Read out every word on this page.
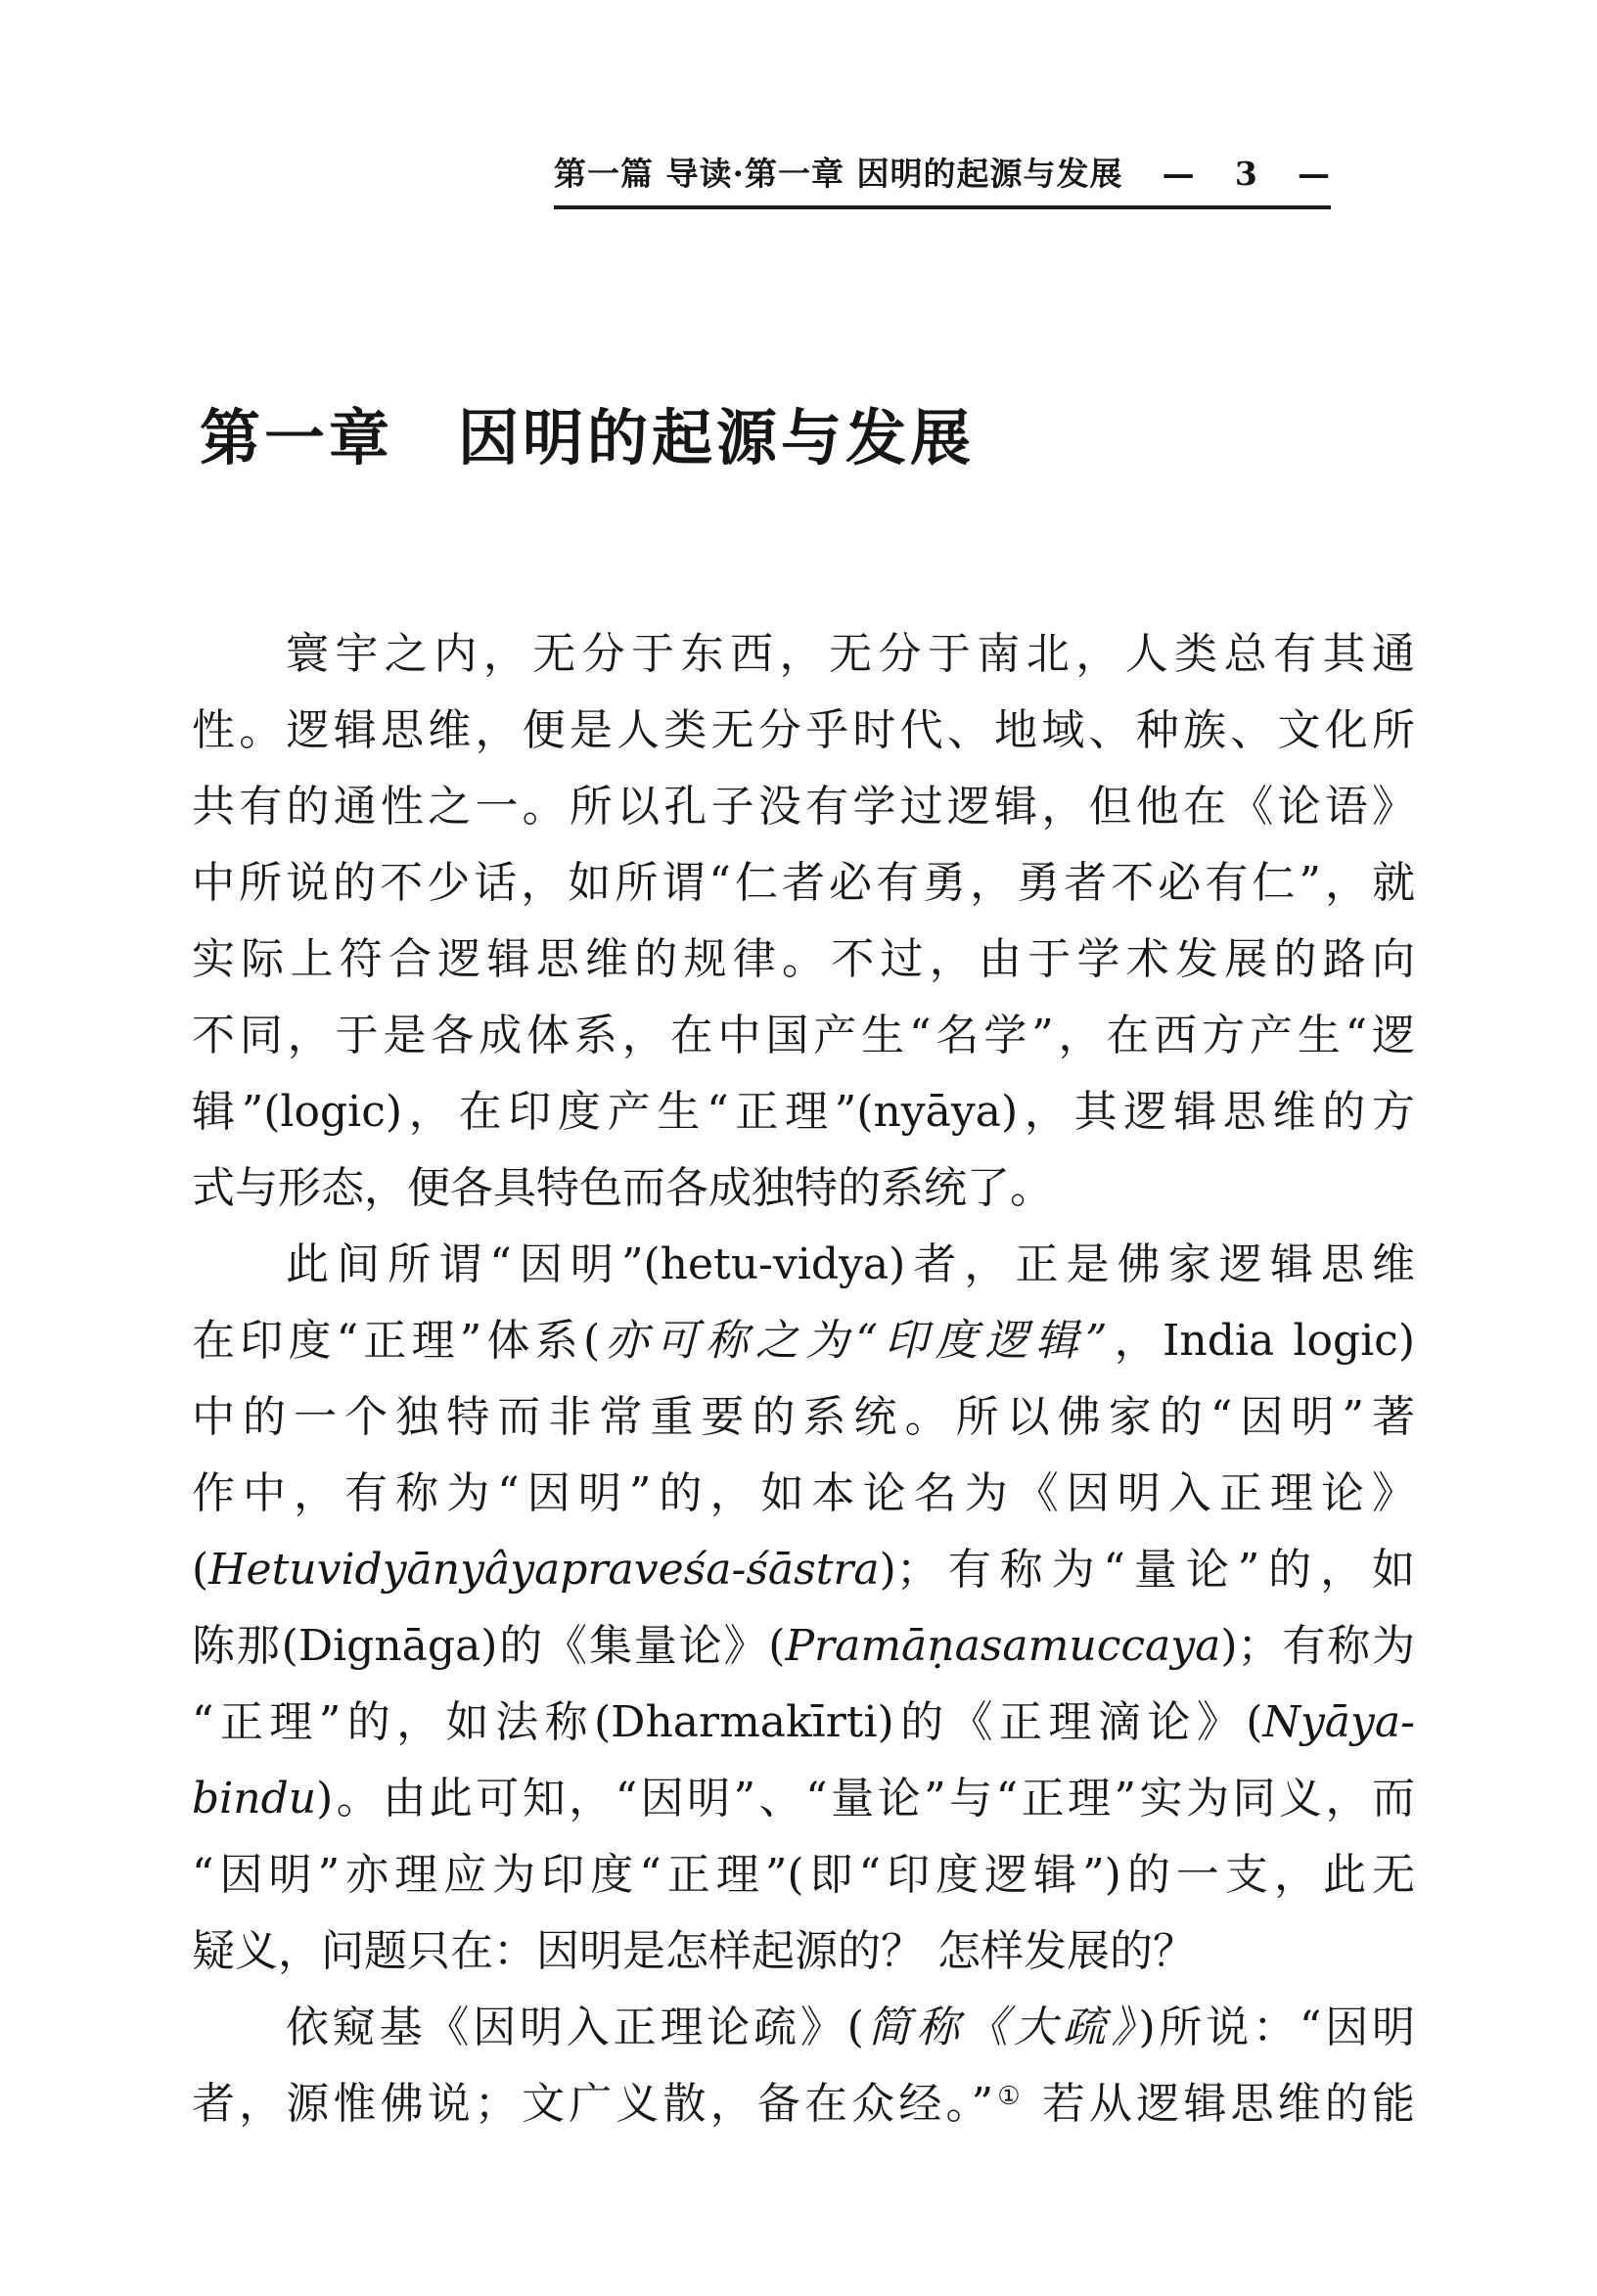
第一篇 导读·第一章 因明的起源与发展 — 3 —
第一章　因明的起源与发展
寰宇之内，无分于东西，无分于南北，人类总有其通
性。逻辑思维，便是人类无分乎时代、地域、种族、文化所
共有的通性之一。所以孔子没有学过逻辑，但他在《论语》
中所说的不少话，如所谓“仁者必有勇，勇者不必有仁”，就
实际上符合逻辑思维的规律。不过，由于学术发展的路向
不同，于是各成体系，在中国产生“名学”，在西方产生“逻
辑”(logic)，在印度产生“正理”(nyāya)，其逻辑思维的方
式与形态，便各具特色而各成独特的系统了。
此间所谓“因明”(hetu-vidya)者，正是佛家逻辑思维
在印度“正理”体系(亦可称之为“印度逻辑”，India logic)
中的一个独特而非常重要的系统。所以佛家的“因明”著
作中，有称为“因明”的，如本论名为《因明入正理论》
(Hetuvidyānyâyapraveśa-śāstra)；有称为“量论”的，如
陈那(Dignāga)的《集量论》(Pramāṇasamuccaya)；有称为
“正理”的，如法称(Dharmakīrti)的《正理滴论》(Nyāya-
bindu)。由此可知，“因明”、“量论”与“正理”实为同义，而
“因明”亦理应为印度“正理”(即“印度逻辑”)的一支，此无
疑义，问题只在：因明是怎样起源的？ 怎样发展的？
依窥基《因明入正理论疏》(简称《大疏》)所说：“因明
者，源惟佛说；文广义散，备在众经。”① 若从逻辑思维的能
